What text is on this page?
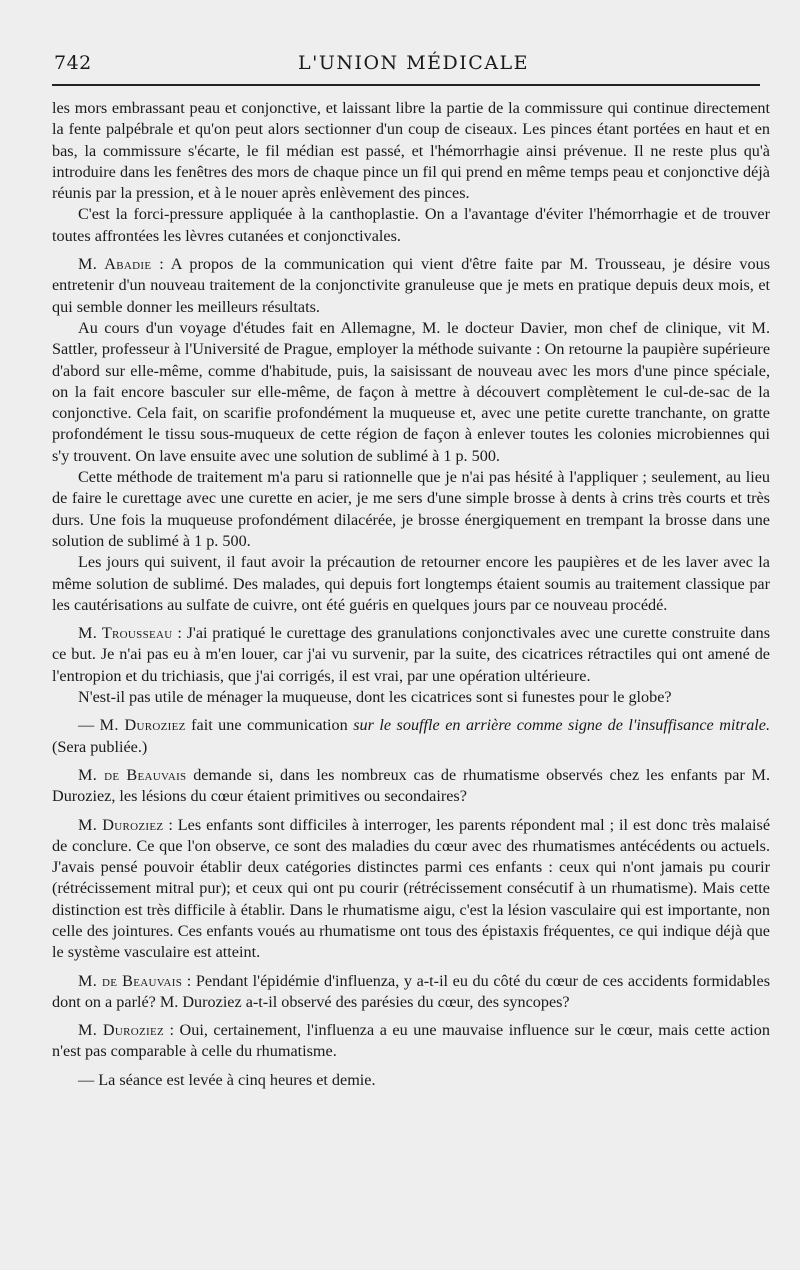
742	L'UNION MÉDICALE

les mors embrassant peau et conjonctive, et laissant libre la partie de la commissure qui continue directement la fente palpébrale et qu'on peut alors sectionner d'un coup de ciseaux. Les pinces étant portées en haut et en bas, la commissure s'écarte, le fil médian est passé, et l'hémorrhagie ainsi prévenue. Il ne reste plus qu'à introduire dans les fenêtres des mors de chaque pince un fil qui prend en même temps peau et conjonctive déjà réunis par la pression, et à le nouer après enlèvement des pinces.

C'est la forci-pressure appliquée à la canthoplastie. On a l'avantage d'éviter l'hémorrhagie et de trouver toutes affrontées les lèvres cutanées et conjonctivales.

M. Abadie : A propos de la communication qui vient d'être faite par M. Trousseau, je désire vous entretenir d'un nouveau traitement de la conjonctivite granuleuse que je mets en pratique depuis deux mois, et qui semble donner les meilleurs résultats.

Au cours d'un voyage d'études fait en Allemagne, M. le docteur Davier, mon chef de clinique, vit M. Sattler, professeur à l'Université de Prague, employer la méthode suivante : On retourne la paupière supérieure d'abord sur elle-même, comme d'habitude, puis, la saisissant de nouveau avec les mors d'une pince spéciale, on la fait encore basculer sur elle-même, de façon à mettre à découvert complètement le cul-de-sac de la conjonctive. Cela fait, on scarifie profondément la muqueuse et, avec une petite curette tranchante, on gratte profondément le tissu sous-muqueux de cette région de façon à enlever toutes les colonies microbiennes qui s'y trouvent. On lave ensuite avec une solution de sublimé à 1 p. 500.

Cette méthode de traitement m'a paru si rationnelle que je n'ai pas hésité à l'appliquer ; seulement, au lieu de faire le curettage avec une curette en acier, je me sers d'une simple brosse à dents à crins très courts et très durs. Une fois la muqueuse profondément dilacérée, je brosse énergiquement en trempant la brosse dans une solution de sublimé à 1 p. 500.

Les jours qui suivent, il faut avoir la précaution de retourner encore les paupières et de les laver avec la même solution de sublimé. Des malades, qui depuis fort longtemps étaient soumis au traitement classique par les cautérisations au sulfate de cuivre, ont été guéris en quelques jours par ce nouveau procédé.

M. Trousseau : J'ai pratiqué le curettage des granulations conjonctivales avec une curette construite dans ce but. Je n'ai pas eu à m'en louer, car j'ai vu survenir, par la suite, des cicatrices rétractiles qui ont amené de l'entropion et du trichiasis, que j'ai corrigés, il est vrai, par une opération ultérieure.

N'est-il pas utile de ménager la muqueuse, dont les cicatrices sont si funestes pour le globe?

— M. Duroziez fait une communication sur le souffle en arrière comme signe de l'insuffisance mitrale. (Sera publiée.)

M. de Beauvais demande si, dans les nombreux cas de rhumatisme observés chez les enfants par M. Duroziez, les lésions du cœur étaient primitives ou secondaires?

M. Duroziez : Les enfants sont difficiles à interroger, les parents répondent mal ; il est donc très malaisé de conclure. Ce que l'on observe, ce sont des maladies du cœur avec des rhumatismes antécédents ou actuels. J'avais pensé pouvoir établir deux catégories distinctes parmi ces enfants : ceux qui n'ont jamais pu courir (rétrécissement mitral pur); et ceux qui ont pu courir (rétrécissement consécutif à un rhumatisme). Mais cette distinction est très difficile à établir. Dans le rhumatisme aigu, c'est la lésion vasculaire qui est importante, non celle des jointures. Ces enfants voués au rhumatisme ont tous des épistaxis fréquentes, ce qui indique déjà que le système vasculaire est atteint.

M. de Beauvais : Pendant l'épidémie d'influenza, y a-t-il eu du côté du cœur de ces accidents formidables dont on a parlé? M. Duroziez a-t-il observé des parésies du cœur, des syncopes?

M. Duroziez : Oui, certainement, l'influenza a eu une mauvaise influence sur le cœur, mais cette action n'est pas comparable à celle du rhumatisme.

— La séance est levée à cinq heures et demie.
